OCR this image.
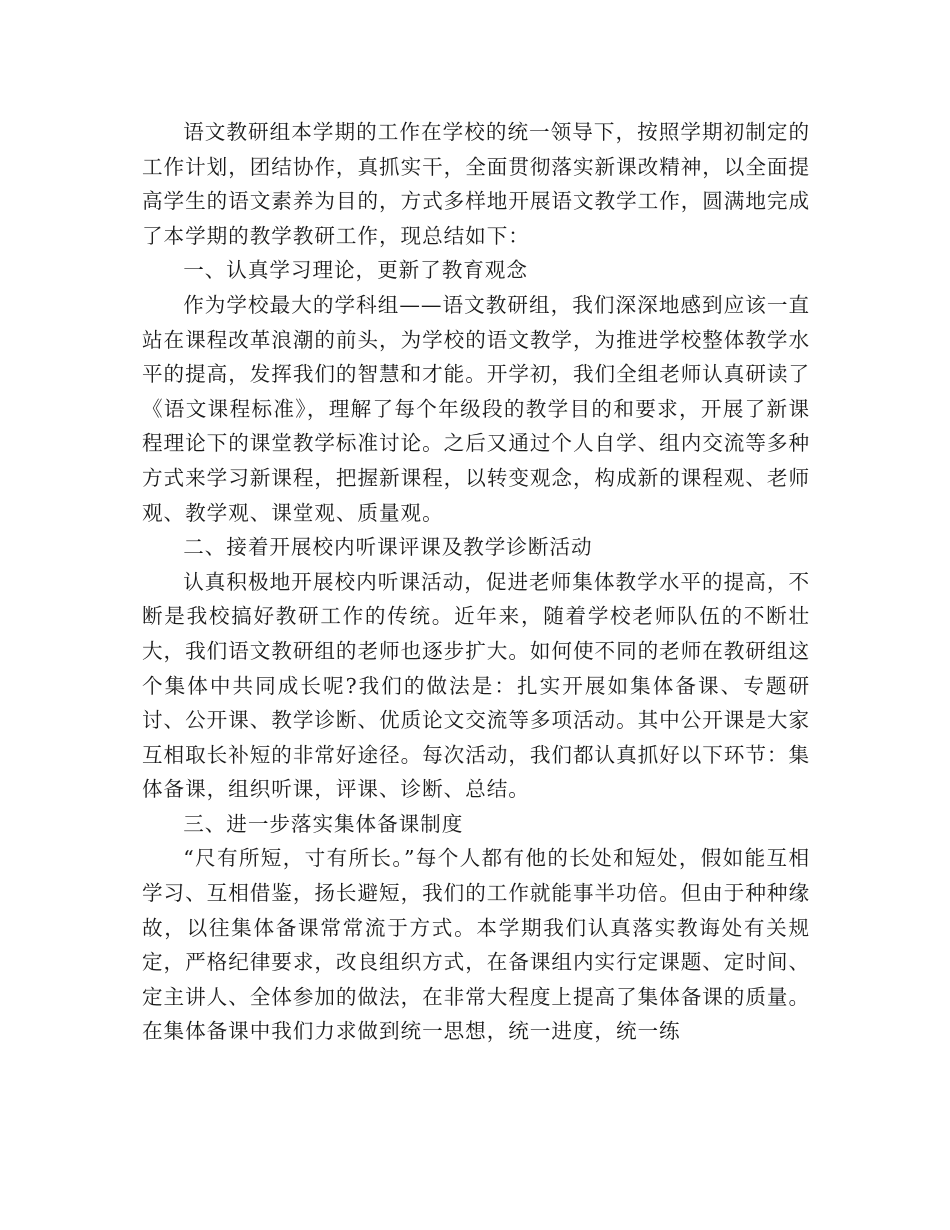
语文教研组本学期的工作在学校的统一领导下，按照学期初制定的工作计划，团结协作，真抓实干，全面贯彻落实新课改精神，以全面提高学生的语文素养为目的，方式多样地开展语文教学工作，圆满地完成了本学期的教学教研工作，现总结如下：

一、认真学习理论，更新了教育观念

作为学校最大的学科组——语文教研组，我们深深地感到应该一直站在课程改革浪潮的前头，为学校的语文教学，为推进学校整体教学水平的提高，发挥我们的智慧和才能。开学初，我们全组老师认真研读了《语文课程标准》，理解了每个年级段的教学目的和要求，开展了新课程理论下的课堂教学标准讨论。之后又通过个人自学、组内交流等多种方式来学习新课程，把握新课程，以转变观念，构成新的课程观、老师观、教学观、课堂观、质量观。

二、接着开展校内听课评课及教学诊断活动

认真积极地开展校内听课活动，促进老师集体教学水平的提高，不断是我校搞好教研工作的传统。近年来，随着学校老师队伍的不断壮大，我们语文教研组的老师也逐步扩大。如何使不同的老师在教研组这个集体中共同成长呢?我们的做法是：扎实开展如集体备课、专题研讨、公开课、教学诊断、优质论文交流等多项活动。其中公开课是大家互相取长补短的非常好途径。每次活动，我们都认真抓好以下环节：集体备课，组织听课，评课、诊断、总结。

三、进一步落实集体备课制度

“尺有所短，寸有所长。”每个人都有他的长处和短处，假如能互相学习、互相借鉴，扬长避短，我们的工作就能事半功倍。但由于种种缘故，以往集体备课常常流于方式。本学期我们认真落实教诲处有关规定，严格纪律要求，改良组织方式，在备课组内实行定课题、定时间、定主讲人、全体参加的做法，在非常大程度上提高了集体备课的质量。在集体备课中我们力求做到统一思想，统一进度，统一练
